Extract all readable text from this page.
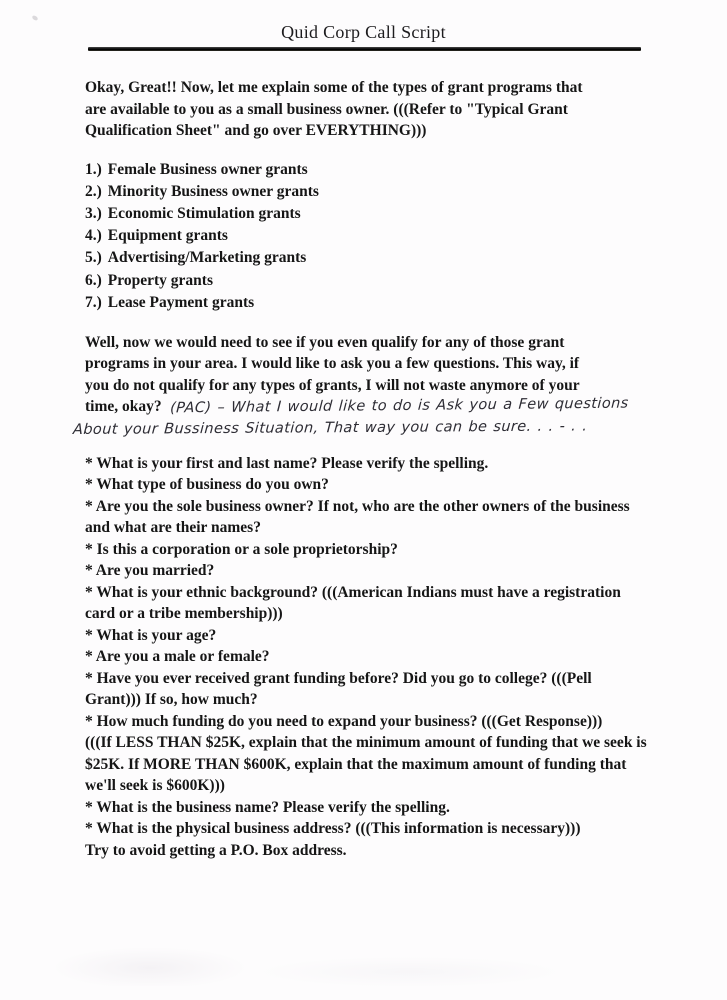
Quid Corp Call Script
Okay, Great!! Now, let me explain some of the types of grant programs that
are available to you as a small business owner. (((Refer to "Typical Grant
Qualification Sheet" and go over EVERYTHING)))
1.) Female Business owner grants
2.) Minority Business owner grants
3.) Economic Stimulation grants
4.) Equipment grants
5.) Advertising/Marketing grants
6.) Property grants
7.) Lease Payment grants
Well, now we would need to see if you even qualify for any of those grant
programs in your area. I would like to ask you a few questions. This way, if
you do not qualify for any types of grants, I will not waste anymore of your
time, okay? (PAC) – What I would like to do is Ask you a Few questions
About your Bussiness Situation, That way you can be sure. . . - . .
* What is your first and last name? Please verify the spelling.
* What type of business do you own?
* Are you the sole business owner? If not, who are the other owners of the business and what are their names?
* Is this a corporation or a sole proprietorship?
* Are you married?
* What is your ethnic background? (((American Indians must have a registration card or a tribe membership)))
* What is your age?
* Are you a male or female?
* Have you ever received grant funding before? Did you go to college? (((Pell Grant))) If so, how much?
* How much funding do you need to expand your business? (((Get Response)))
(((If LESS THAN $25K, explain that the minimum amount of funding that we seek is $25K. If MORE THAN $600K, explain that the maximum amount of funding that we'll seek is $600K)))
* What is the business name? Please verify the spelling.
* What is the physical business address? (((This information is necessary)))
Try to avoid getting a P.O. Box address.
